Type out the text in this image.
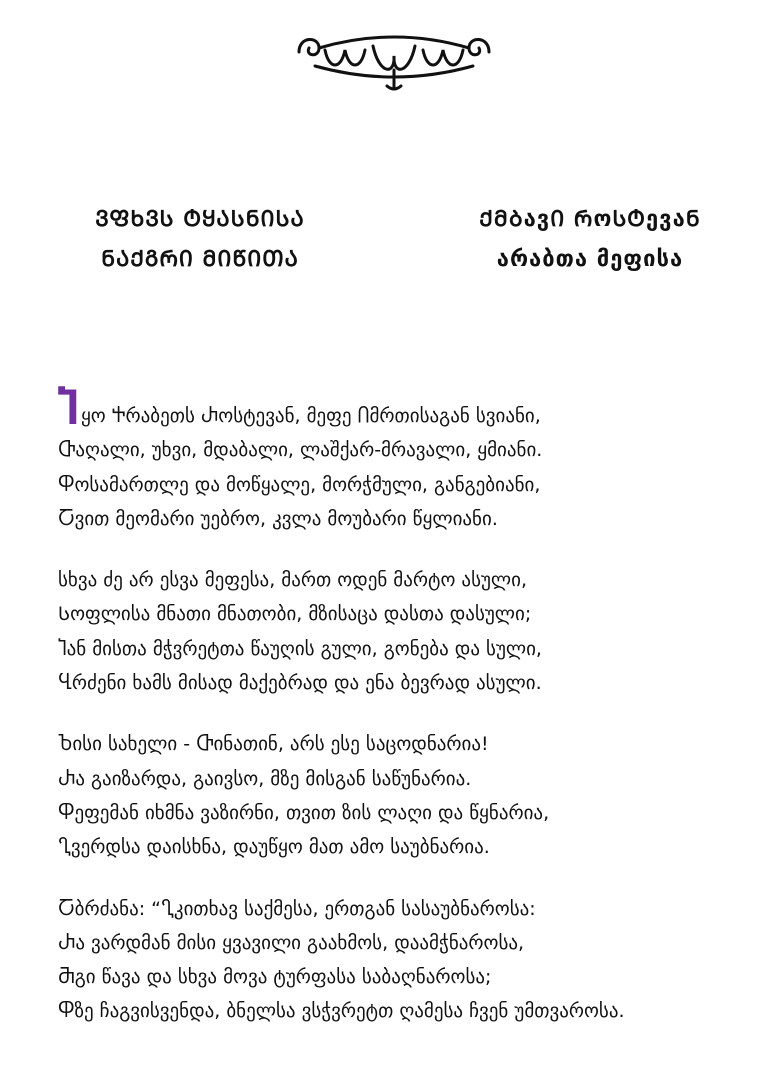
ᲕᲤᲮᲕᲡ ᲢᲧᲐᲡᲜᲘᲡᲐ
ᲜᲐᲥᲒᲠᲘ ᲛᲘᲬᲘᲗᲐ
ᲥᲛᲑავᲘ ᲠოᲡᲢევაᲜ
არაბთა მეფისა
Ⴈყო Ⴕრაბეთს Ⴐოსტევან, მეფე Ⴖმრთისაგან სვიანი,
Ⴇაღალი, უხვი, მდაბალი, ლაშქარ-მრავალი, ყმიანი.
Ⴔოსამართლე და მოწყალე, მორჭმული, განგებიანი,
Ⴀვით მეომარი უებრო, კვლა მოუბარი წყლიანი.
სხვა ძე არ ესვა მეფესა, მართ ოდენ მარტო ასული,
Სოფლისა მნათი მნათობი, მზისაცა დასთა დასული;
Ⴈან მისთა მჭვრეტთა წაუღის გული, გონება და სული,
Ⴁრძენი ხამს მისად მაქებრად და ენა ბევრად ასული.
Ⴆისი სახელი - Ⴇინათინ, არს ესე საცოდნარია!
Ⴐა გაიზარდა, გაივსო, მზე მისგან საწუნარია.
Ⴔეფემან იხმნა ვაზირნი, თვით ზის ლაღი და წყნარია,
Ⴂვერდსა დაისხნა, დაუწყო მათ ამო საუბნარია.
Ⴀბრძანა: “Ⴂკითხავ საქმესა, ერთგან სასაუბნაროსა:
Ⴐა ვარდმან მისი ყვავილი გაახმოს, დაამჭნაროსა,
Ⴋგი წავა და სხვა მოვა ტურფასა საბაღნაროსა;
Ⴔზე ჩაგვისვენდა, ბნელსა ვსჭვრეტთ ღამესა ჩვენ უმთვაროსა.
